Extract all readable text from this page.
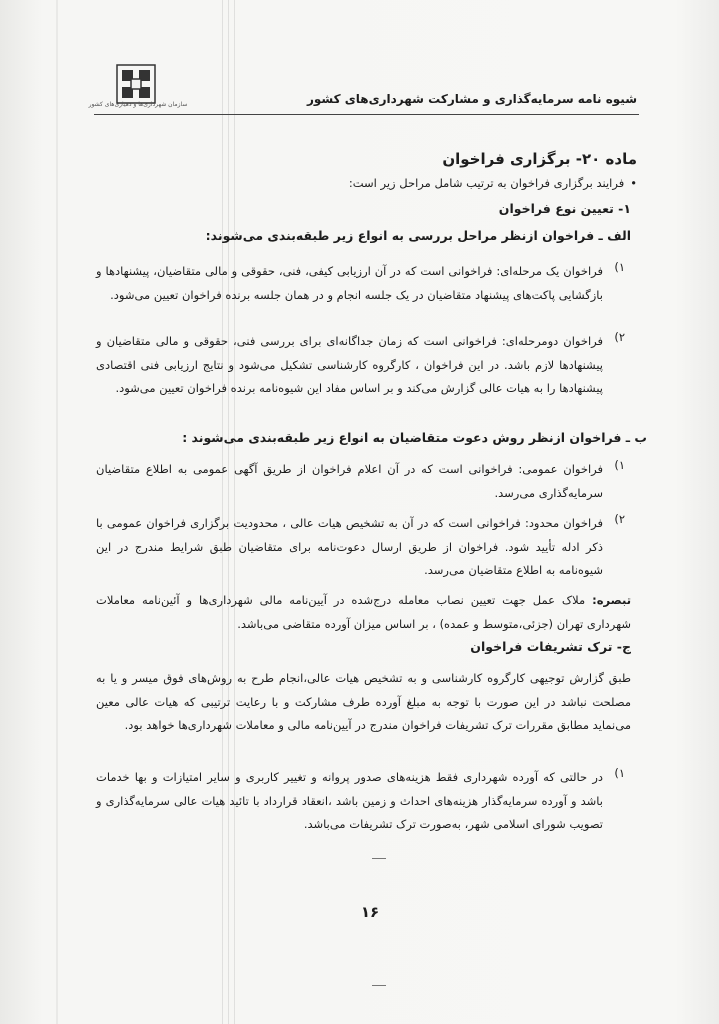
سازمان شهرداری‌ها و دهیاری‌های کشور	شیوه نامه سرمایه‌گذاری و مشارکت شهرداری‌های کشور
ماده ۲۰- برگزاری فراخوان
•فرایند برگزاری فراخوان به ترتیب شامل مراحل زیر است:
۱- تعیین نوع فراخوان
الف ـ فراخوان ازنظر مراحل بررسی به انواع زیر طبقه‌بندی می‌شوند:
۱)
فراخوان یک مرحله‌ای: فراخوانی است که در آن ارزیابی کیفی، فنی، حقوقی و مالی متقاضیان، پیشنهادها و بازگشایی پاکت‌های پیشنهاد متقاضیان در یک جلسه انجام و در همان جلسه برنده فراخوان تعیین می‌شود.
۲)
فراخوان دومرحله‌ای: فراخوانی است که زمان جداگانه‌ای برای بررسی فنی، حقوقی و مالی متقاضیان و پیشنهادها لازم باشد. در این فراخوان ، کارگروه کارشناسی تشکیل می‌شود و نتایج ارزیابی فنی اقتصادی پیشنهادها را به هیات عالی گزارش می‌کند و بر اساس مفاد این شیوه‌نامه برنده فراخوان تعیین می‌شود.
ب ـ فراخوان ازنظر روش دعوت متقاضیان به انواع زیر طبقه‌بندی می‌شوند :
۱)
فراخوان عمومی: فراخوانی است که در آن اعلام فراخوان از طریق آگهی عمومی به اطلاع متقاضیان سرمایه‌گذاری می‌رسد.
۲)
فراخوان محدود: فراخوانی است که در آن به تشخیص هیات عالی ، محدودیت برگزاری فراخوان عمومی با ذکر ادله تأیید شود. فراخوان از طریق ارسال دعوت‌نامه برای متقاضیان طبق شرایط مندرج در این شیوه‌نامه به اطلاع متقاضیان می‌رسد.
تبصره: ملاک عمل جهت تعیین نصاب معامله درج‌شده در آیین‌نامه مالی شهرداری‌ها و آئین‌نامه معاملات شهرداری تهران (جزئی،متوسط و عمده) ، بر اساس میزان آورده متقاضی می‌باشد.
ج- ترک تشریفات فراخوان
طبق گزارش توجیهی کارگروه کارشناسی و به تشخیص هیات عالی،انجام طرح به روش‌های فوق میسر و یا به مصلحت نباشد در این صورت با توجه به مبلغ آورده طرف مشارکت و با رعایت ترتیبی که هیات عالی معین می‌نماید مطابق مقررات ترک تشریفات فراخوان مندرج در آیین‌نامه مالی و معاملات شهرداری‌ها خواهد بود.
۱)
در حالتی که آورده شهرداری فقط هزینه‌های صدور پروانه و تغییر کاربری و سایر امتیازات و بها خدمات باشد و آورده سرمایه‌گذار هزینه‌های احداث و زمین باشد ،انعقاد قرارداد با تائید هیات عالی سرمایه‌گذاری و تصویب شورای اسلامی شهر، به‌صورت ترک تشریفات می‌باشد.
۱۶
